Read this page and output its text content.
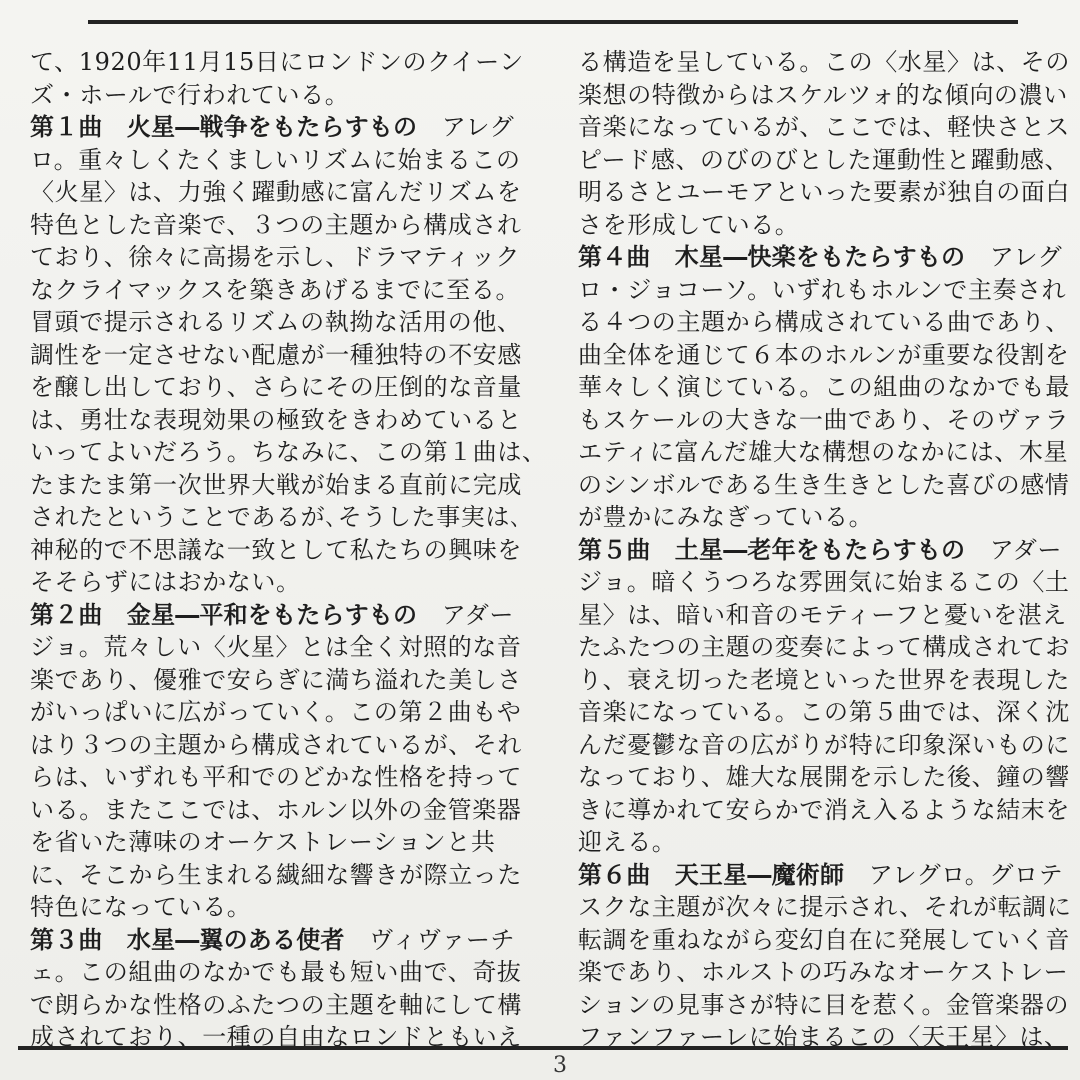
て、1920年11月15日にロンドンのクイーン
ズ・ホールで行われている。
第１曲　火星―戦争をもたらすもの　アレグ
ロ。重々しくたくましいリズムに始まるこの
〈火星〉は、力強く躍動感に富んだリズムを
特色とした音楽で、３つの主題から構成され
ており、徐々に高揚を示し、ドラマティック
なクライマックスを築きあげるまでに至る。
冒頭で提示されるリズムの執拗な活用の他、
調性を一定させない配慮が一種独特の不安感
を醸し出しており、さらにその圧倒的な音量
は、勇壮な表現効果の極致をきわめていると
いってよいだろう。ちなみに、この第１曲は、
たまたま第一次世界大戦が始まる直前に完成
されたということであるが､そうした事実は､
神秘的で不思議な一致として私たちの興味を
そそらずにはおかない。
第２曲　金星―平和をもたらすもの　アダー
ジョ。荒々しい〈火星〉とは全く対照的な音
楽であり、優雅で安らぎに満ち溢れた美しさ
がいっぱいに広がっていく。この第２曲もや
はり３つの主題から構成されているが、それ
らは、いずれも平和でのどかな性格を持って
いる。またここでは、ホルン以外の金管楽器
を省いた薄味のオーケストレーションと共
に、そこから生まれる繊細な響きが際立った
特色になっている。
第３曲　水星―翼のある使者　ヴィヴァーチ
ェ。この組曲のなかでも最も短い曲で、奇抜
で朗らかな性格のふたつの主題を軸にして構
成されており、一種の自由なロンドともいえ
る構造を呈している。この〈水星〉は、その
楽想の特徴からはスケルツォ的な傾向の濃い
音楽になっているが、ここでは、軽快さとス
ピード感、のびのびとした運動性と躍動感、
明るさとユーモアといった要素が独自の面白
さを形成している。
第４曲　木星―快楽をもたらすもの　アレグ
ロ・ジョコーソ。いずれもホルンで主奏され
る４つの主題から構成されている曲であり、
曲全体を通じて６本のホルンが重要な役割を
華々しく演じている。この組曲のなかでも最
もスケールの大きな一曲であり、そのヴァラ
エティに富んだ雄大な構想のなかには、木星
のシンボルである生き生きとした喜びの感情
が豊かにみなぎっている。
第５曲　土星―老年をもたらすもの　アダー
ジョ。暗くうつろな雰囲気に始まるこの〈土
星〉は、暗い和音のモティーフと憂いを湛え
たふたつの主題の変奏によって構成されてお
り、衰え切った老境といった世界を表現した
音楽になっている。この第５曲では、深く沈
んだ憂鬱な音の広がりが特に印象深いものに
なっており、雄大な展開を示した後、鐘の響
きに導かれて安らかで消え入るような結末を
迎える。
第６曲　天王星―魔術師　アレグロ。グロテ
スクな主題が次々に提示され、それが転調に
転調を重ねながら変幻自在に発展していく音
楽であり、ホルストの巧みなオーケストレー
ションの見事さが特に目を惹く。金管楽器の
ファンファーレに始まるこの〈天王星〉は、
3
